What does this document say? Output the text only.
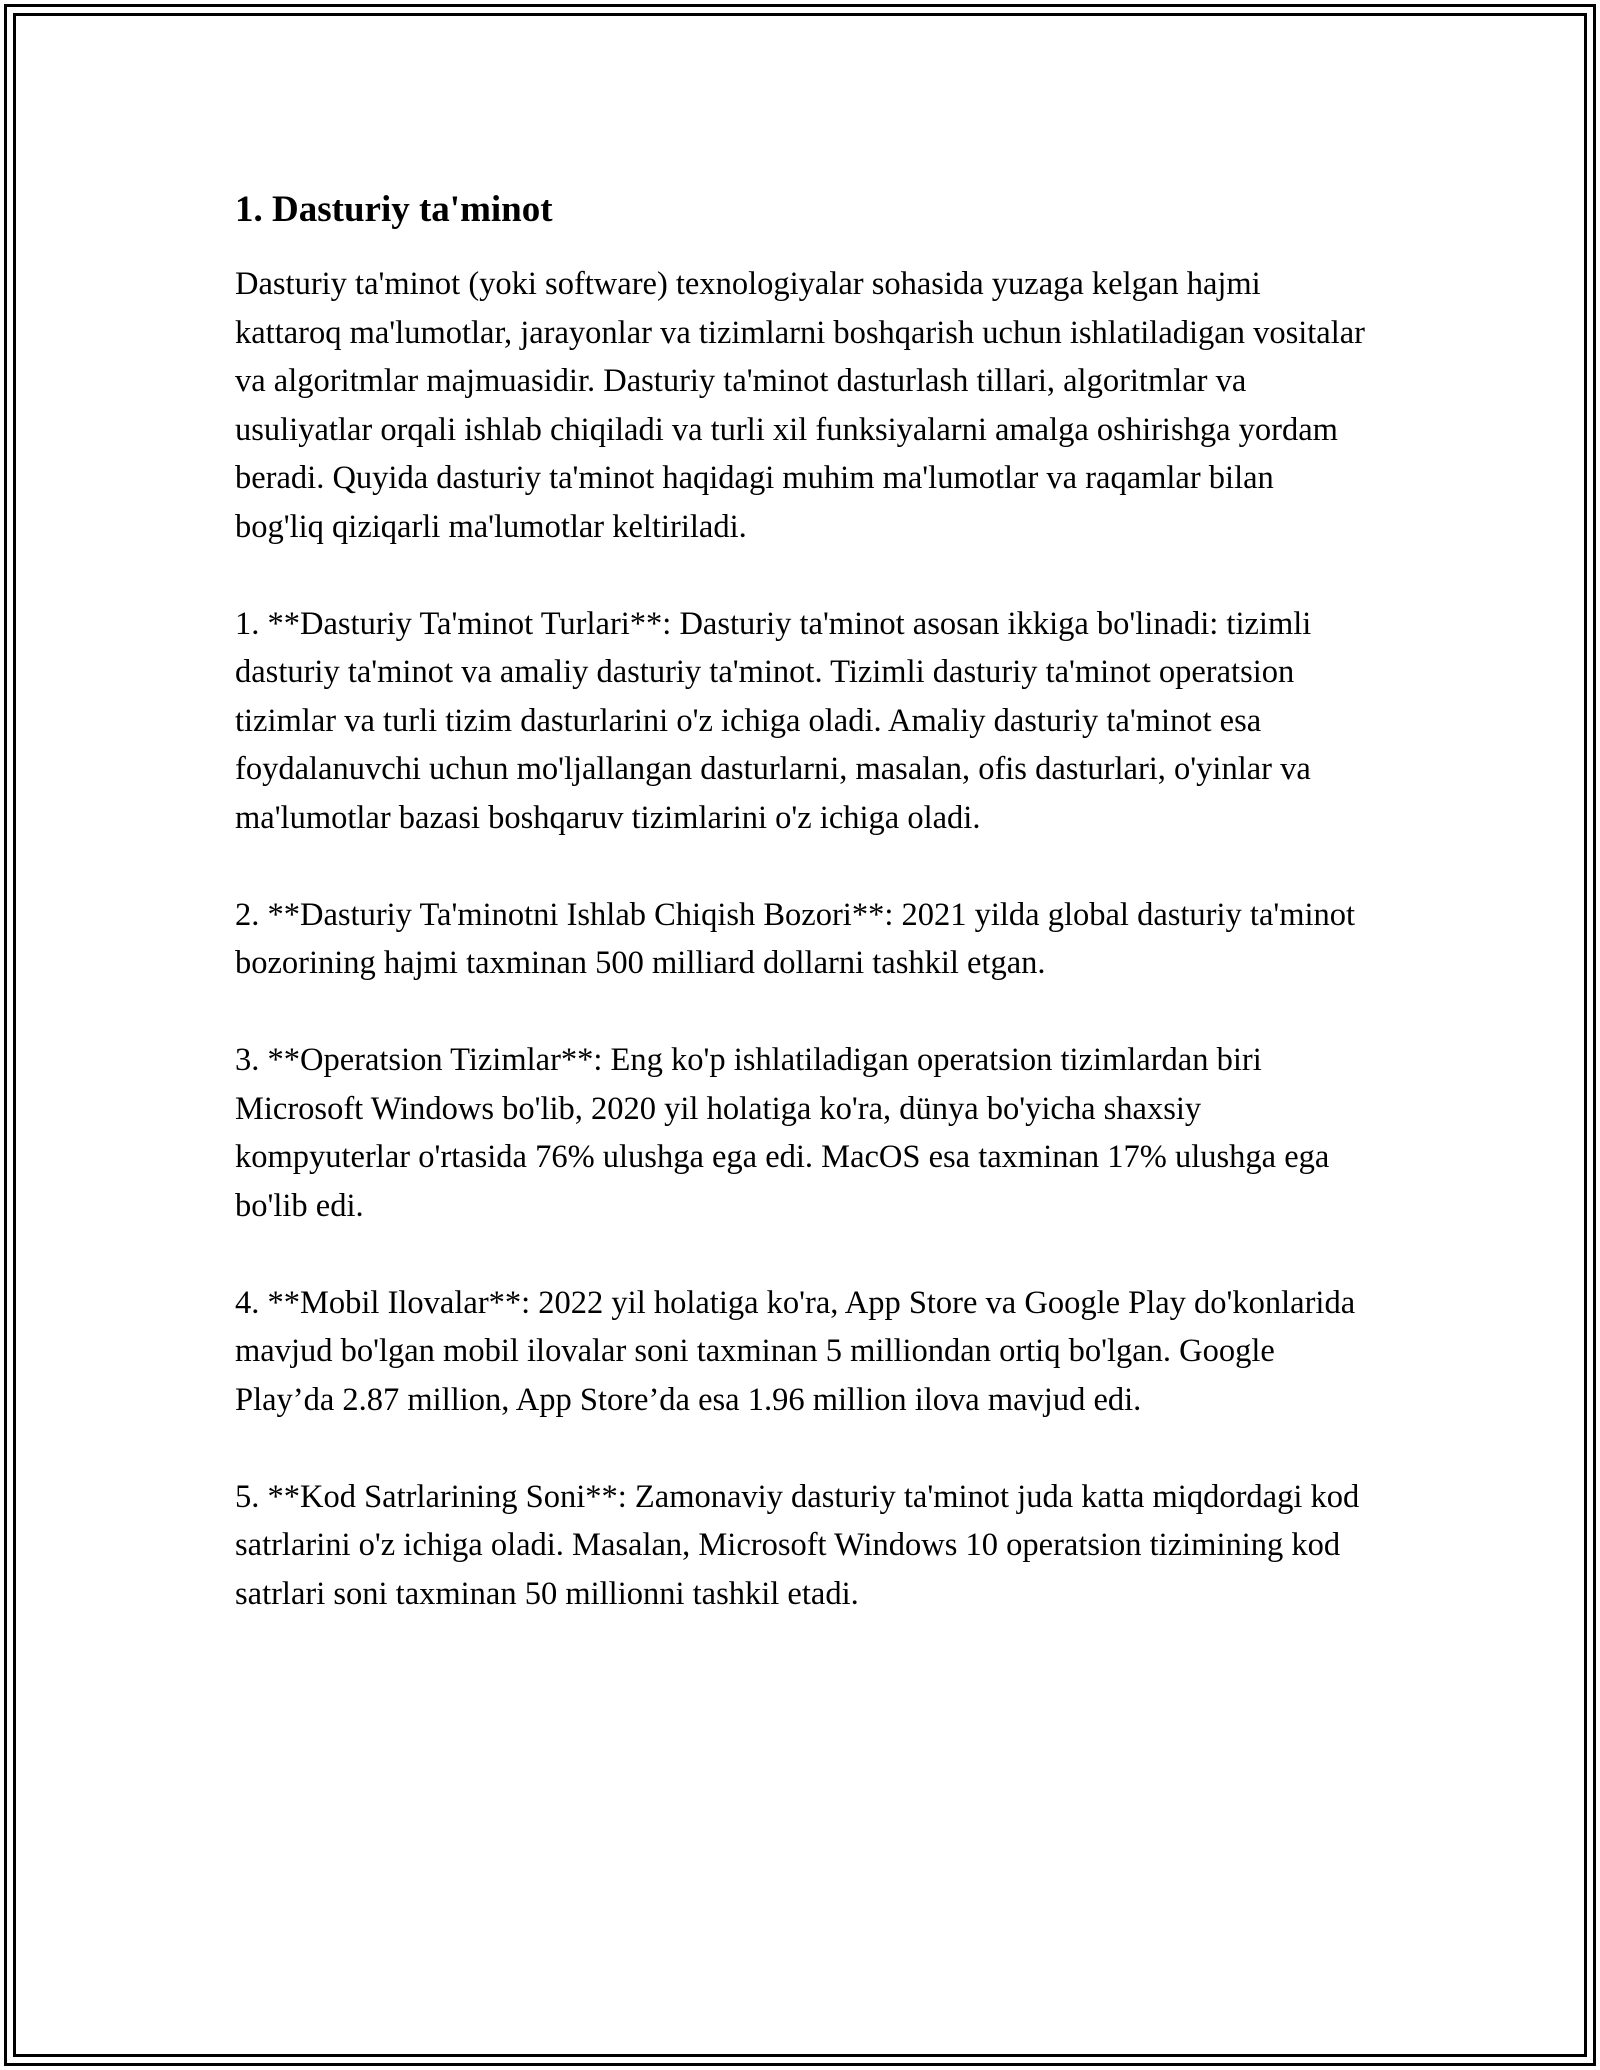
1. Dasturiy ta'minot

Dasturiy ta'minot (yoki software) texnologiyalar sohasida yuzaga kelgan hajmi kattaroq ma'lumotlar, jarayonlar va tizimlarni boshqarish uchun ishlatiladigan vositalar va algoritmlar majmuasidir. Dasturiy ta'minot dasturlash tillari, algoritmlar va usuliyatlar orqali ishlab chiqiladi va turli xil funksiyalarni amalga oshirishga yordam beradi. Quyida dasturiy ta'minot haqidagi muhim ma'lumotlar va raqamlar bilan bog'liq qiziqarli ma'lumotlar keltiriladi.

1. **Dasturiy Ta'minot Turlari**: Dasturiy ta'minot asosan ikkiga bo'linadi: tizimli dasturiy ta'minot va amaliy dasturiy ta'minot. Tizimli dasturiy ta'minot operatsion tizimlar va turli tizim dasturlarini o'z ichiga oladi. Amaliy dasturiy ta'minot esa foydalanuvchi uchun mo'ljallangan dasturlarni, masalan, ofis dasturlari, o'yinlar va ma'lumotlar bazasi boshqaruv tizimlarini o'z ichiga oladi.

2. **Dasturiy Ta'minotni Ishlab Chiqish Bozori**: 2021 yilda global dasturiy ta'minot bozorining hajmi taxminan 500 milliard dollarni tashkil etgan.

3. **Operatsion Tizimlar**: Eng ko'p ishlatiladigan operatsion tizimlardan biri Microsoft Windows bo'lib, 2020 yil holatiga ko'ra, dünya bo'yicha shaxsiy kompyuterlar o'rtasida 76% ulushga ega edi. MacOS esa taxminan 17% ulushga ega bo'lib edi.

4. **Mobil Ilovalar**: 2022 yil holatiga ko'ra, App Store va Google Play do'konlarida mavjud bo'lgan mobil ilovalar soni taxminan 5 milliondan ortiq bo'lgan. Google Play’da 2.87 million, App Store’da esa 1.96 million ilova mavjud edi.

5. **Kod Satrlarining Soni**: Zamonaviy dasturiy ta'minot juda katta miqdordagi kod satrlarini o'z ichiga oladi. Masalan, Microsoft Windows 10 operatsion tizimining kod satrlari soni taxminan 50 millionni tashkil etadi.
